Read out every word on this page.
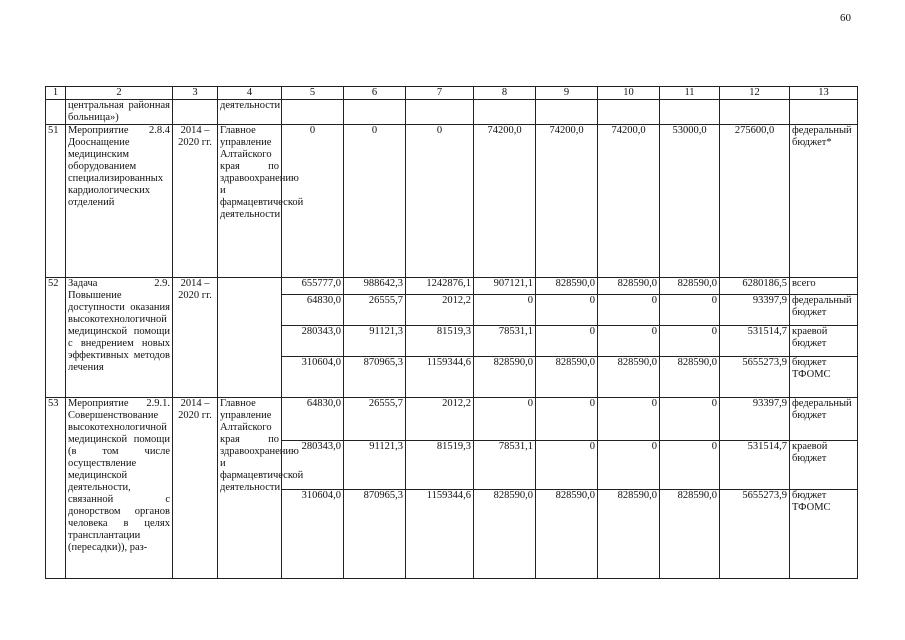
60
1	2	3	4	5	6	7	8	9	10	11	12	13
	центральная районная больница»)		деятельности									
51	Мероприятие 2.8.4 Дооснащение медицинским оборудованием специализированных кардиологических отделений	2014 – 2020 гг.	Главное управление Алтайского края по здравоохранению и фармацевтической деятельности	0	0	0	74200,0	74200,0	74200,0	53000,0	275600,0	федеральный бюджет*
52	Задача 2.9. Повышение доступности оказания высокотехнологичной медицинской помощи с внедрением новых эффективных методов лечения	2014 – 2020 гг.		655777,0	988642,3	1242876,1	907121,1	828590,0	828590,0	828590,0	6280186,5	всего
				64830,0	26555,7	2012,2	0	0	0	0	93397,9	федеральный бюджет
				280343,0	91121,3	81519,3	78531,1	0	0	0	531514,7	краевой бюджет
				310604,0	870965,3	1159344,6	828590,0	828590,0	828590,0	828590,0	5655273,9	бюджет ТФОМС
53	Мероприятие 2.9.1. Совершенствование высокотехнологичной медицинской помощи (в том числе осуществление медицинской деятельности, связанной с донорством органов человека в целях трансплантации (пересадки)), раз-	2014 – 2020 гг.	Главное управление Алтайского края по здравоохранению и фармацевтической деятельности	64830,0	26555,7	2012,2	0	0	0	0	93397,9	федеральный бюджет
				280343,0	91121,3	81519,3	78531,1	0	0	0	531514,7	краевой бюджет
				310604,0	870965,3	1159344,6	828590,0	828590,0	828590,0	828590,0	5655273,9	бюджет ТФОМС
